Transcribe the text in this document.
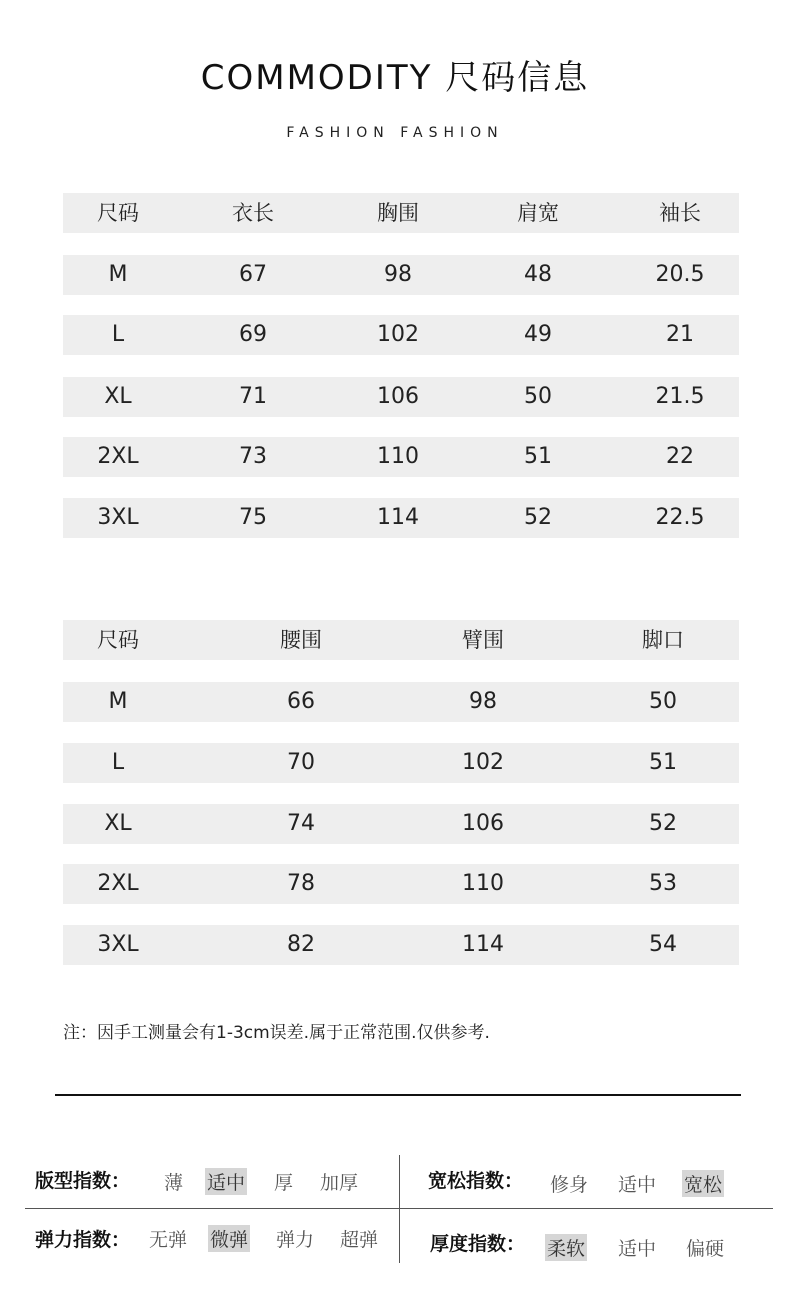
COMMODITY 尺码信息
FASHION FASHION
尺码	衣长	胸围	肩宽	袖长
M	67	98	48	20.5
L	69	102	49	21
XL	71	106	50	21.5
2XL	73	110	51	22
3XL	75	114	52	22.5
尺码	腰围	臂围	脚口
M	66	98	50
L	70	102	51
XL	74	106	52
2XL	78	110	53
3XL	82	114	54
注：因手工测量会有1-3cm误差.属于正常范围.仅供参考.
版型指数： 薄 适中 厚 加厚	宽松指数： 修身 适中 宽松
弹力指数： 无弹 微弹 弹力 超弹	厚度指数： 柔软 适中 偏硬
